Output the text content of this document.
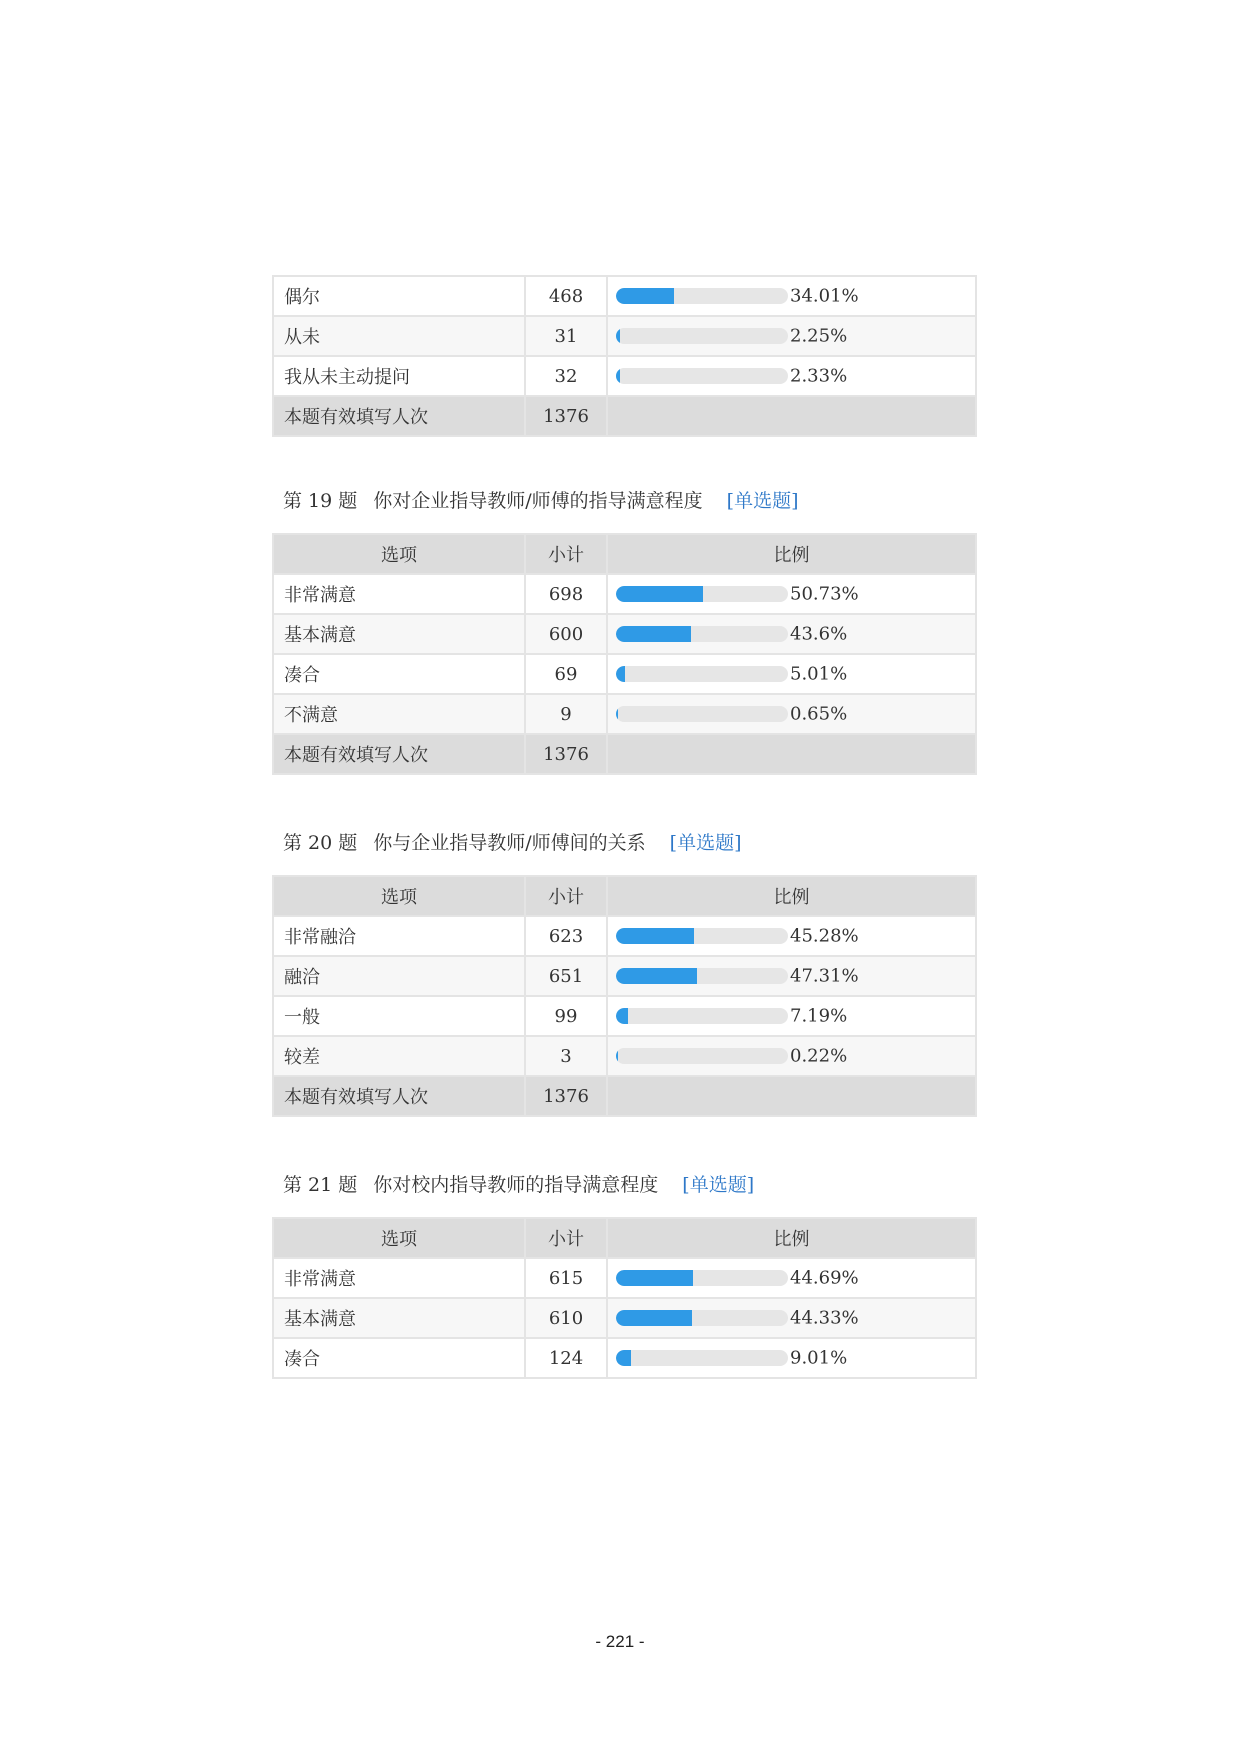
偶尔	468	34.01%

从未	31	2.25%

我从未主动提问	32	2.33%

本题有效填写人次	1376	
第 19 题 你对企业指导教师/师傅的指导满意程度 [单选题]
选项	小计	比例
非常满意	698	50.73%

基本满意	600	43.6%

凑合	69	5.01%

不满意	9	0.65%

本题有效填写人次	1376	
第 20 题 你与企业指导教师/师傅间的关系 [单选题]
选项	小计	比例
非常融洽	623	45.28%

融洽	651	47.31%

一般	99	7.19%

较差	3	0.22%

本题有效填写人次	1376	
第 21 题 你对校内指导教师的指导满意程度 [单选题]
选项	小计	比例
非常满意	615	44.69%

基本满意	610	44.33%

凑合	124	9.01%
- 221 -
